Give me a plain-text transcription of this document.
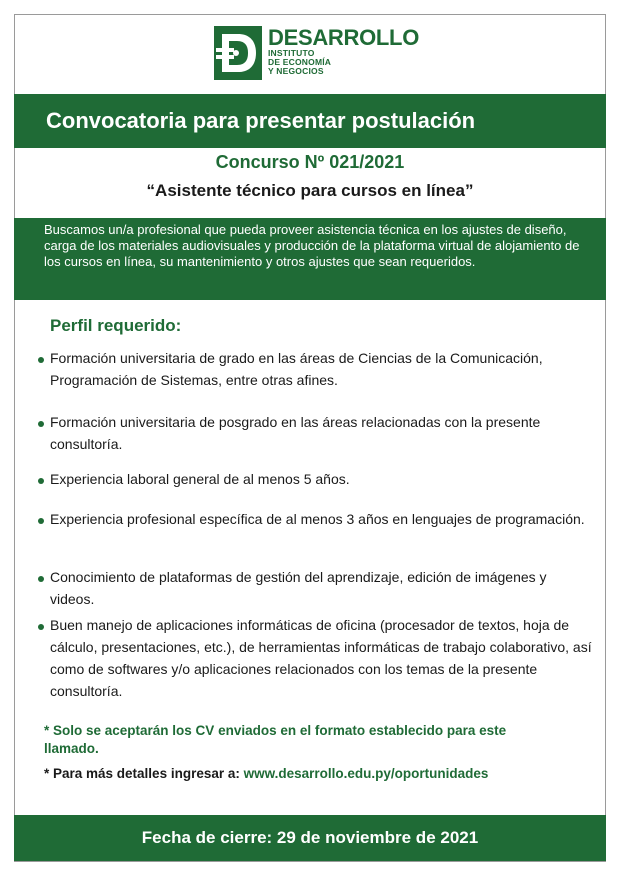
DESARROLLO
INSTITUTO
DE ECONOMÍA
Y NEGOCIOS
Convocatoria para presentar postulación
Concurso Nº 021/2021
“Asistente técnico para cursos en línea”
Buscamos un/a profesional que pueda proveer asistencia técnica en los ajustes de diseño, carga de los materiales audiovisuales y producción de la plataforma virtual de alojamiento de los cursos en línea, su mantenimiento y otros ajustes que sean requeridos.
Perfil requerido:
Formación universitaria de grado en las áreas de Ciencias de la Comunicación, Programación de Sistemas, entre otras afines.
Formación universitaria de posgrado en las áreas relacionadas con la presente consultoría.
Experiencia laboral general de al menos 5 años.
Experiencia profesional específica de al menos 3 años en lenguajes de programación.
Conocimiento de plataformas de gestión del aprendizaje, edición de imágenes y videos.
Buen manejo de aplicaciones informáticas de oficina (procesador de textos, hoja de cálculo, presentaciones, etc.), de herramientas informáticas de trabajo colaborativo, así como de softwares y/o aplicaciones relacionados con los temas de la presente consultoría.
* Solo se aceptarán los CV enviados en el formato establecido para este llamado.
* Para más detalles ingresar a: www.desarrollo.edu.py/oportunidades
Fecha de cierre: 29 de noviembre de 2021
